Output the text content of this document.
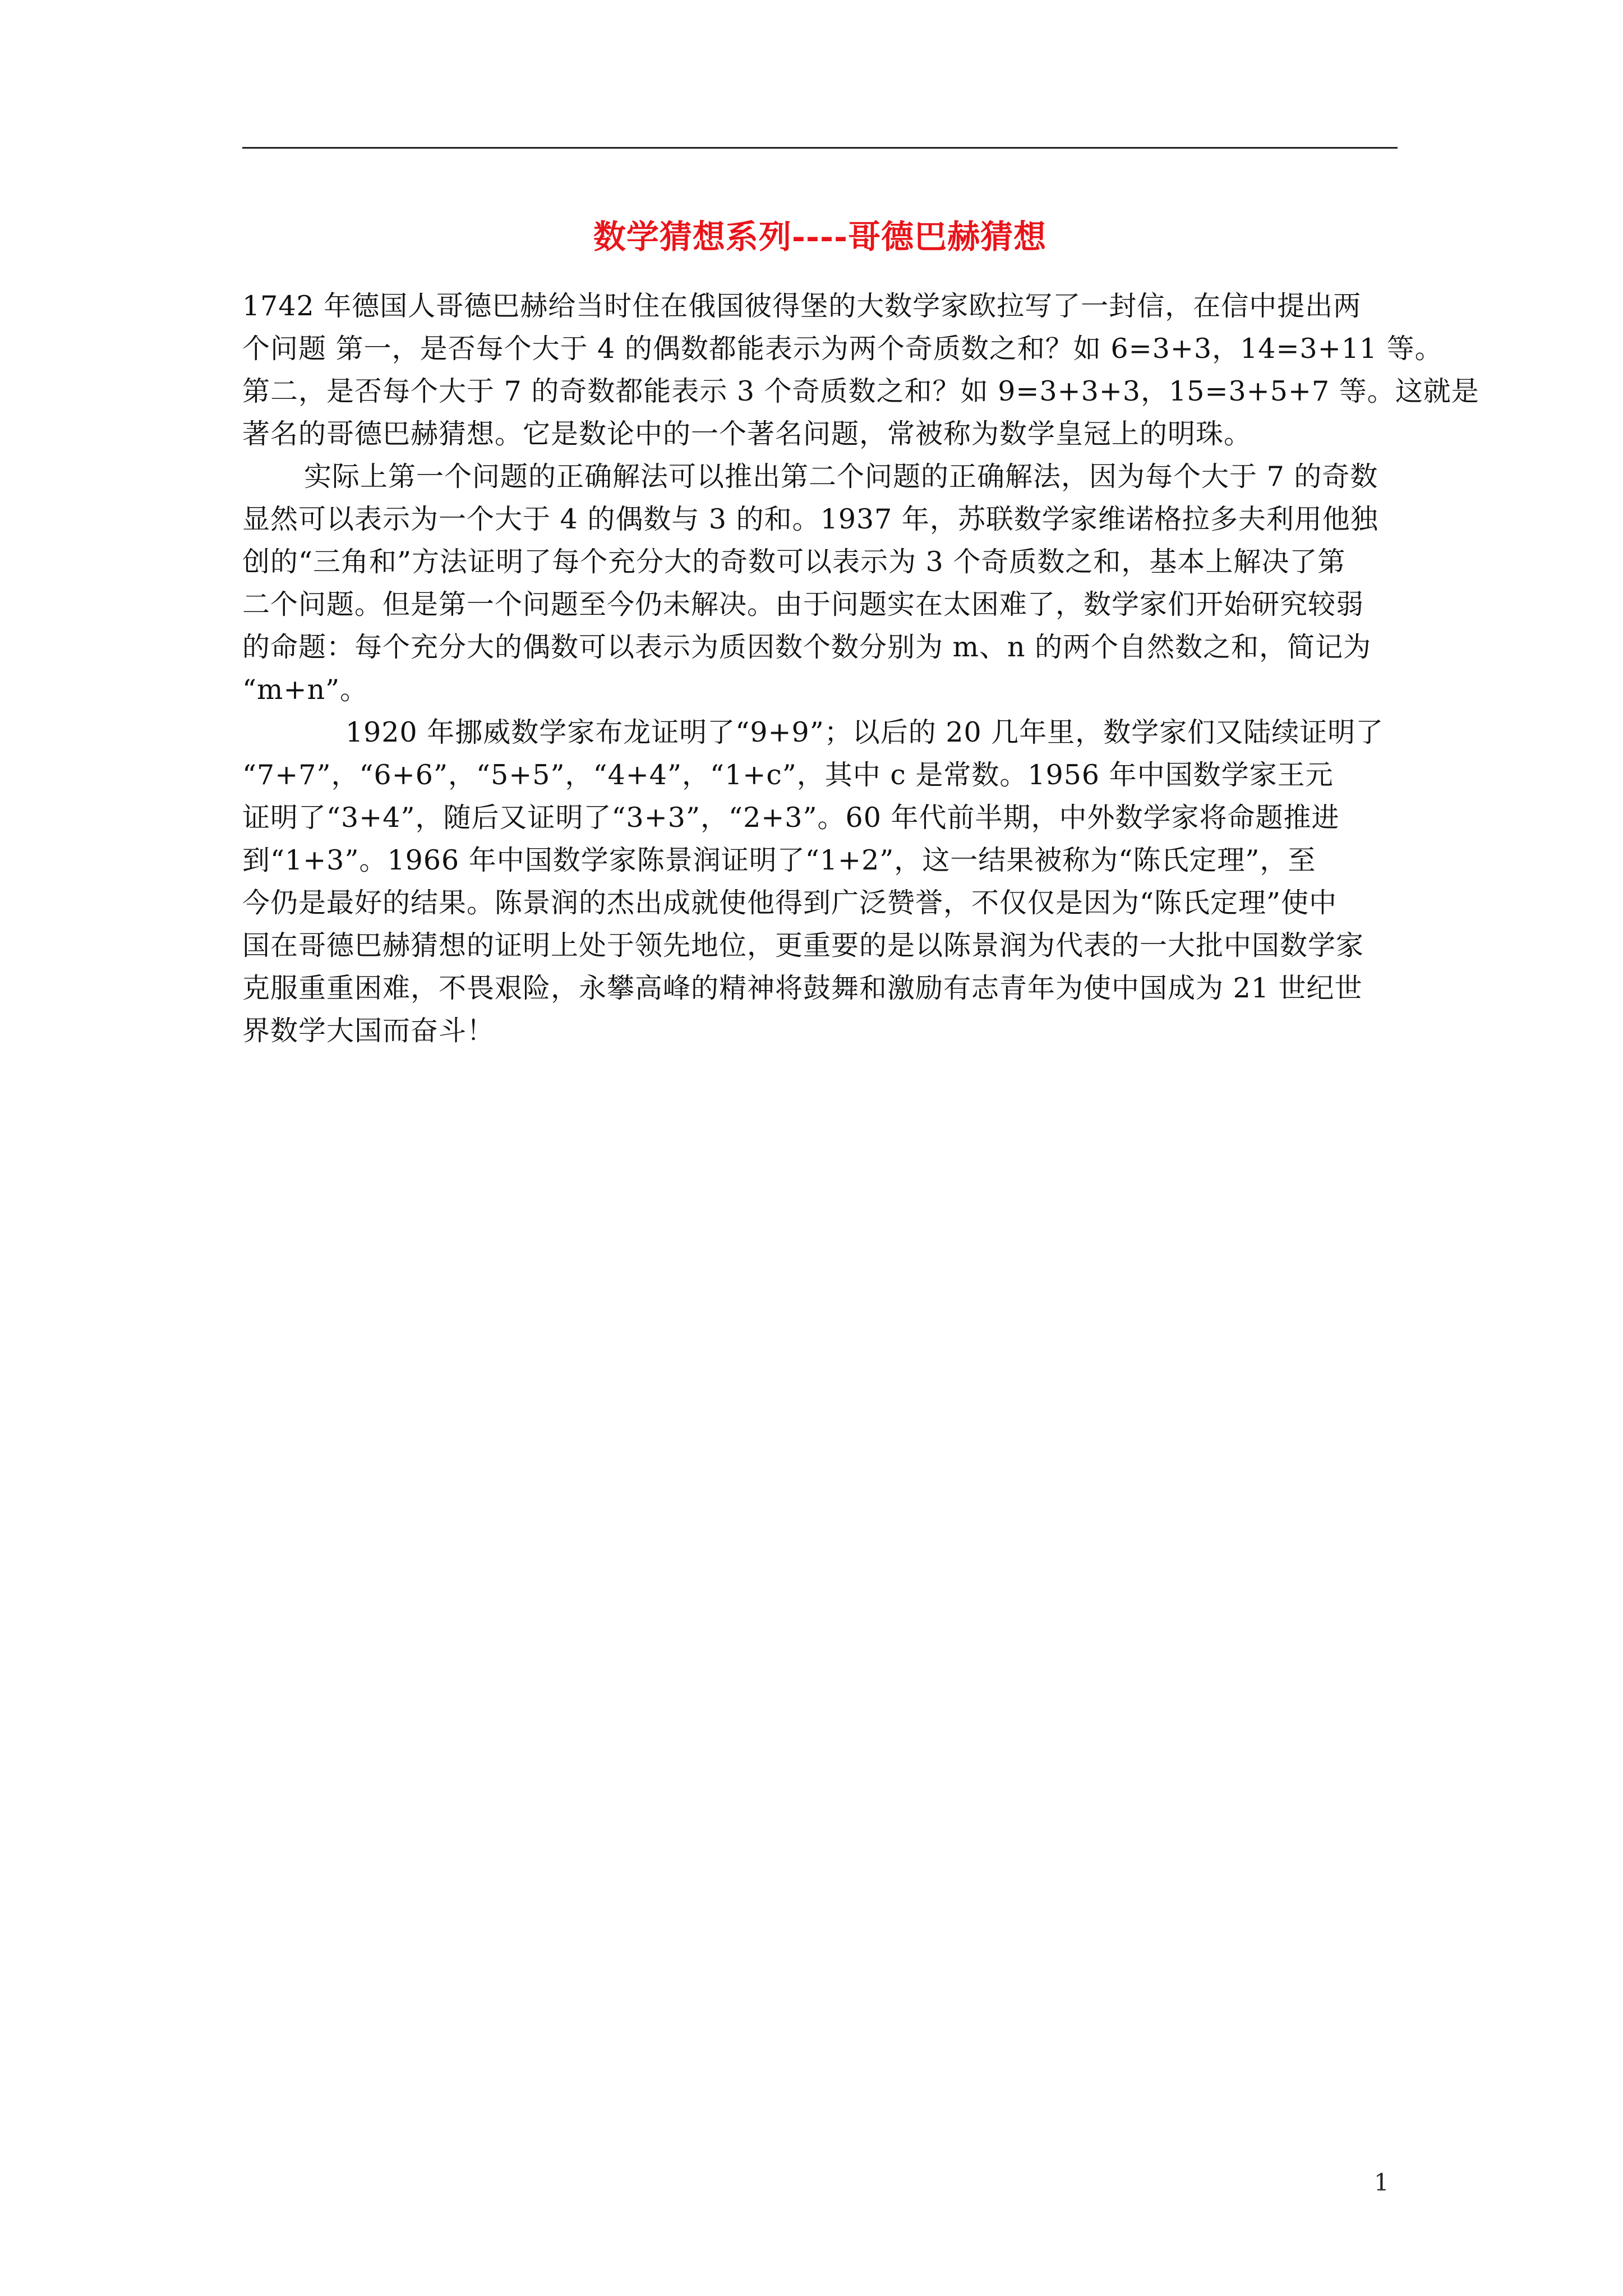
数学猜想系列----哥德巴赫猜想

1742 年德国人哥德巴赫给当时住在俄国彼得堡的大数学家欧拉写了一封信，在信中提出两
个问题 第一，是否每个大于 4 的偶数都能表示为两个奇质数之和？如 6=3+3，14=3+11 等。
第二，是否每个大于 7 的奇数都能表示 3 个奇质数之和？如 9=3+3+3，15=3+5+7 等。这就是
著名的哥德巴赫猜想。它是数论中的一个著名问题，常被称为数学皇冠上的明珠。

实际上第一个问题的正确解法可以推出第二个问题的正确解法，因为每个大于 7 的奇数
显然可以表示为一个大于 4 的偶数与 3 的和。1937 年，苏联数学家维诺格拉多夫利用他独
创的“三角和”方法证明了每个充分大的奇数可以表示为 3 个奇质数之和，基本上解决了第
二个问题。但是第一个问题至今仍未解决。由于问题实在太困难了，数学家们开始研究较弱
的命题：每个充分大的偶数可以表示为质因数个数分别为 m、n 的两个自然数之和，简记为
“m+n”。

1920 年挪威数学家布龙证明了“9+9”；以后的 20 几年里，数学家们又陆续证明了
“7+7”，“6+6”，“5+5”，“4+4”，“1+c”，其中 c 是常数。1956 年中国数学家王元
证明了“3+4”，随后又证明了“3+3”，“2+3”。60 年代前半期，中外数学家将命题推进
到“1+3”。1966 年中国数学家陈景润证明了“1+2”，这一结果被称为“陈氏定理”，至
今仍是最好的结果。陈景润的杰出成就使他得到广泛赞誉，不仅仅是因为“陈氏定理”使中
国在哥德巴赫猜想的证明上处于领先地位，更重要的是以陈景润为代表的一大批中国数学家
克服重重困难，不畏艰险，永攀高峰的精神将鼓舞和激励有志青年为使中国成为 21 世纪世
界数学大国而奋斗！

1
